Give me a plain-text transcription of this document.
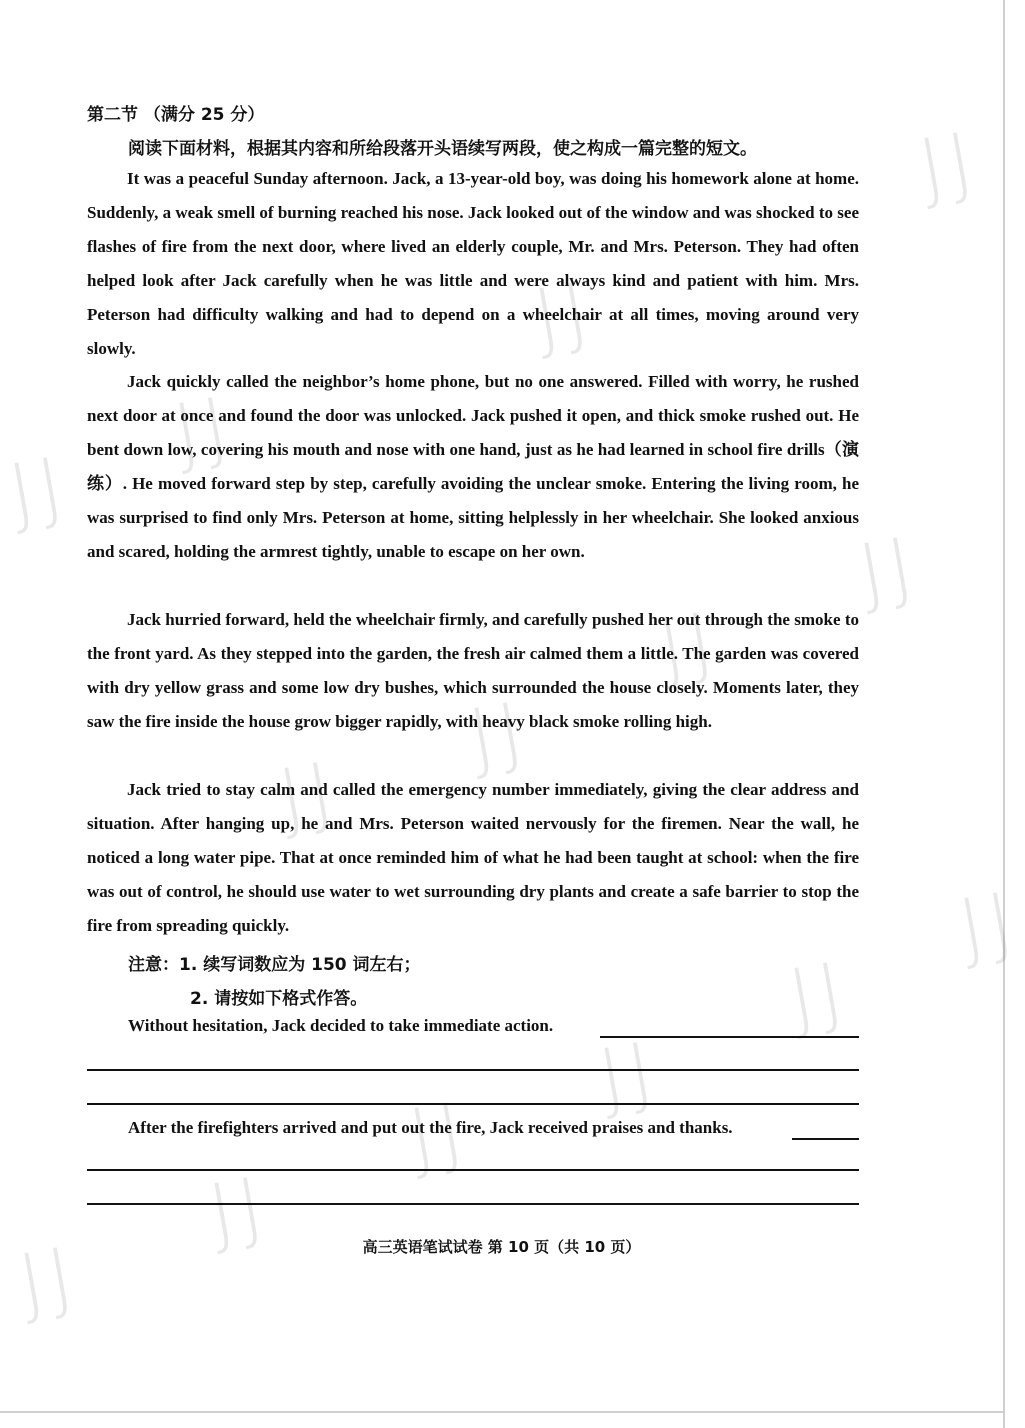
JJ
JJ
JJ
JJ
JJ
JJ
JJ
JJ
JJ
JJ
JJ
JJ
JJ
JJ
第二节 （满分 25 分）
阅读下面材料，根据其内容和所给段落开头语续写两段，使之构成一篇完整的短文。

It was a peaceful Sunday afternoon. Jack, a 13-year-old boy, was doing his homework alone at home. Suddenly, a weak smell of burning reached his nose. Jack looked out of the window and was shocked to see flashes of fire from the next door, where lived an elderly couple, Mr. and Mrs. Peterson. They had often helped look after Jack carefully when he was little and were always kind and patient with him. Mrs. Peterson had difficulty walking and had to depend on a wheelchair at all times, moving around very slowly.

Jack quickly called the neighbor’s home phone, but no one answered. Filled with worry, he rushed next door at once and found the door was unlocked. Jack pushed it open, and thick smoke rushed out. He bent down low, covering his mouth and nose with one hand, just as he had learned in school fire drills（演练）. He moved forward step by step, carefully avoiding the unclear smoke. Entering the living room, he was surprised to find only Mrs. Peterson at home, sitting helplessly in her wheelchair. She looked anxious and scared, holding the armrest tightly, unable to escape on her own.

Jack hurried forward, held the wheelchair firmly, and carefully pushed her out through the smoke to the front yard. As they stepped into the garden, the fresh air calmed them a little. The garden was covered with dry yellow grass and some low dry bushes, which surrounded the house closely. Moments later, they saw the fire inside the house grow bigger rapidly, with heavy black smoke rolling high.

Jack tried to stay calm and called the emergency number immediately, giving the clear address and situation. After hanging up, he and Mrs. Peterson waited nervously for the firemen. Near the wall, he noticed a long water pipe. That at once reminded him of what he had been taught at school: when the fire was out of control, he should use water to wet surrounding dry plants and create a safe barrier to stop the fire from spreading quickly.

注意：1. 续写词数应为 150 词左右；
2. 请按如下格式作答。
Without hesitation, Jack decided to take immediate action.
After the firefighters arrived and put out the fire, Jack received praises and thanks.
高三英语笔试试卷 第 10 页（共 10 页）
